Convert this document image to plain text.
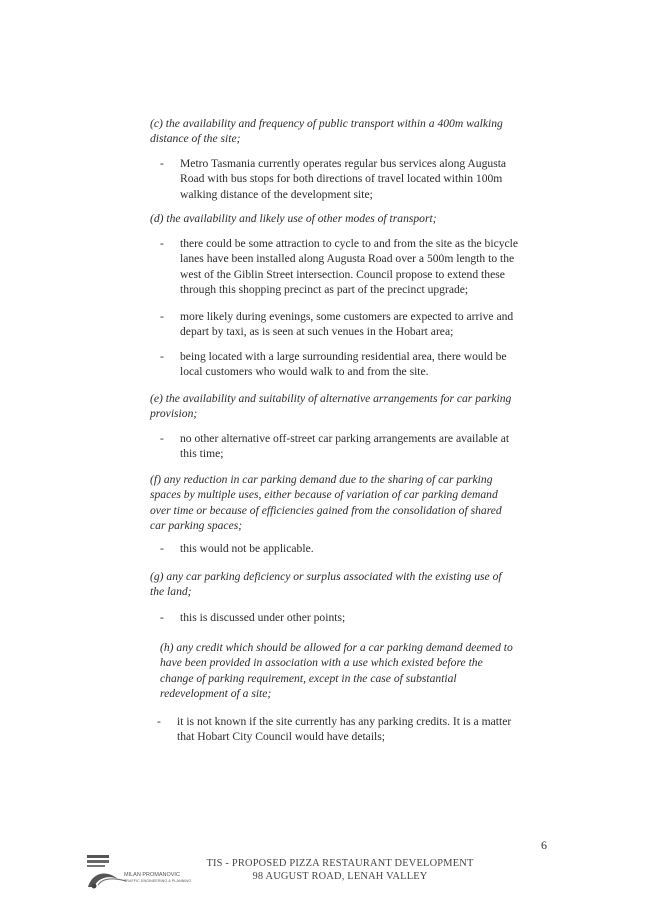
(c) the availability and frequency of public transport within a 400m walking
distance of the site;

- Metro Tasmania currently operates regular bus services along Augusta
Road with bus stops for both directions of travel located within 100m
walking distance of the development site;

(d) the availability and likely use of other modes of transport;

- there could be some attraction to cycle to and from the site as the bicycle
lanes have been installed along Augusta Road over a 500m length to the
west of the Giblin Street intersection. Council propose to extend these
through this shopping precinct as part of the precinct upgrade;

- more likely during evenings, some customers are expected to arrive and
depart by taxi, as is seen at such venues in the Hobart area;

- being located with a large surrounding residential area, there would be
local customers who would walk to and from the site.

(e) the availability and suitability of alternative arrangements for car parking
provision;

- no other alternative off-street car parking arrangements are available at
this time;

(f) any reduction in car parking demand due to the sharing of car parking
spaces by multiple uses, either because of variation of car parking demand
over time or because of efficiencies gained from the consolidation of shared
car parking spaces;

- this would not be applicable.

(g) any car parking deficiency or surplus associated with the existing use of
the land;

- this is discussed under other points;

(h) any credit which should be allowed for a car parking demand deemed to
have been provided in association with a use which existed before the
change of parking requirement, except in the case of substantial
redevelopment of a site;

- it is not known if the site currently has any parking credits. It is a matter
that Hobart City Council would have details;

6
MILAN PROMANOVIC
TRAFFIC ENGINEERING & PLANNING
TIS - PROPOSED PIZZA RESTAURANT DEVELOPMENT
98 AUGUST ROAD, LENAH VALLEY
